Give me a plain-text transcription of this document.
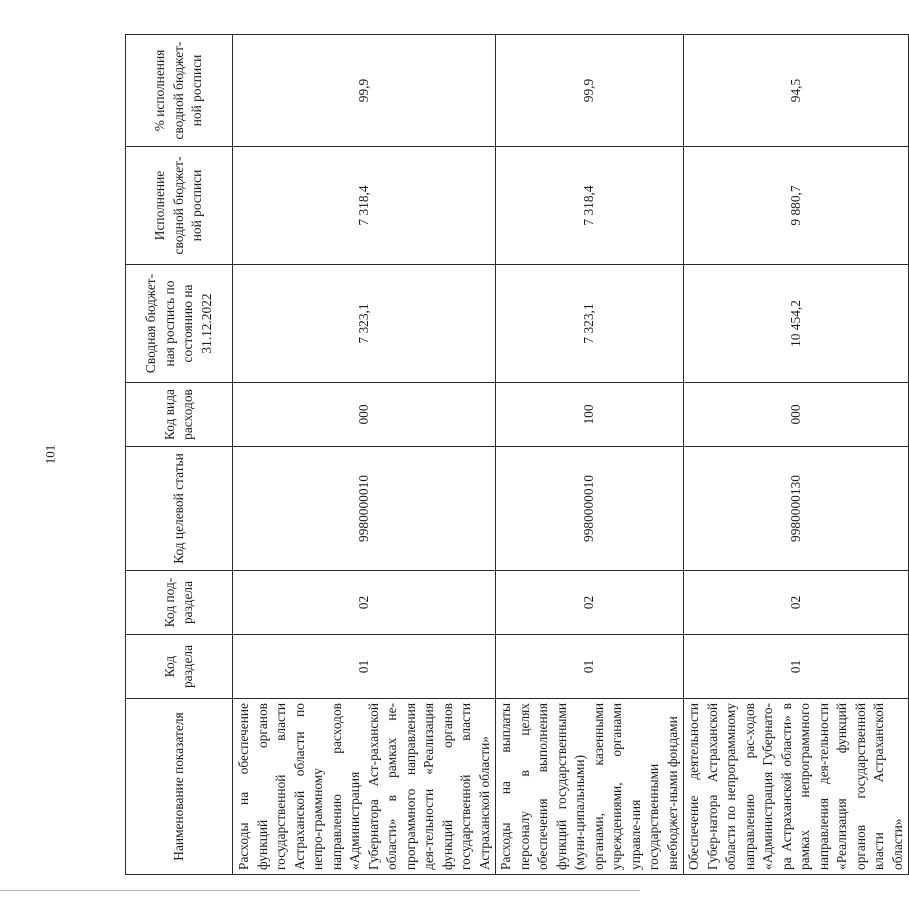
101
Наименование показателя	Код раздела	Код под-раздела	Код целевой статьи	Код вида расходов	Сводная бюджет-ная роспись по состоянию на 31.12.2022	Исполнение сводной бюджет-ной росписи	% исполнения сводной бюджет-ной росписи
Расходы на обеспечение функций органов государственной власти Астраханской области по непро-граммному направлению расходов «Администрация Губернатора Аст-раханской области» в рамках не-программного направления дея-тельности «Реализация функций органов государственной власти Астраханской области»	01	02	9980000010	000	7 323,1	7 318,4	99,9
Расходы на выплаты персоналу в целях обеспечения выполнения функций государственными (муни-ципальными) органами, казенными учреждениями, органами управле-ния государственными внебюджет-ными фондами	01	02	9980000010	100	7 323,1	7 318,4	99,9
Обеспечение деятельности Губер-натора Астраханской области по непрограммному направлению рас-ходов «Администрация Губернато-ра Астраханской области» в рамках непрограммного направления дея-тельности «Реализация функций органов государственной власти Астраханской области»	01	02	9980000130	000	10 454,2	9 880,7	94,5
